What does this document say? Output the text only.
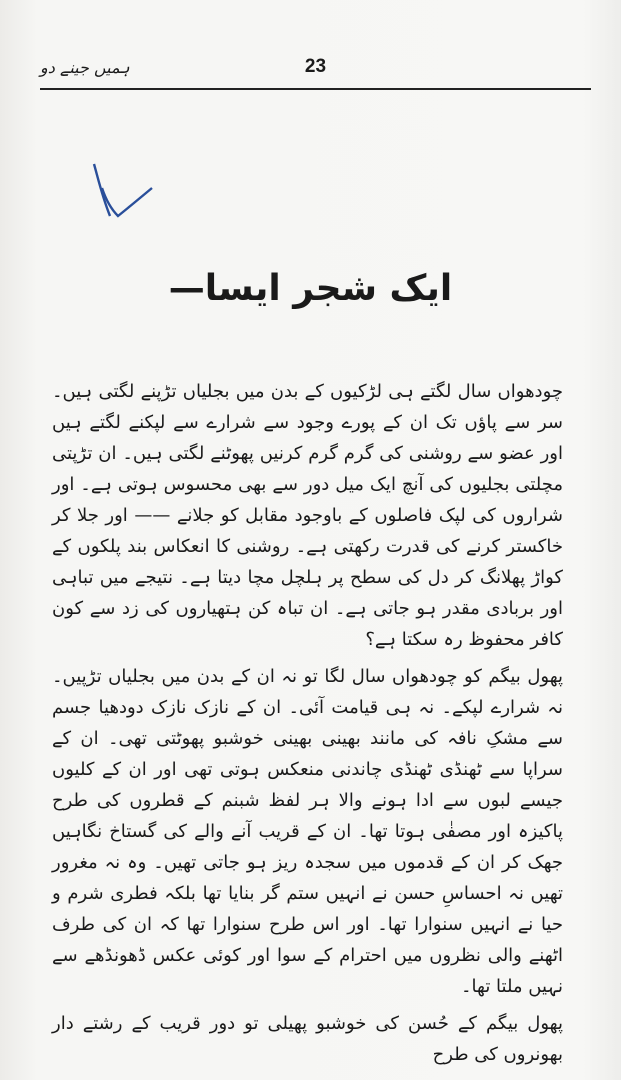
23
ہمیں جینے دو
ایک شجر ایسا—

چودھواں سال لگتے ہی لڑکیوں کے بدن میں بجلیاں تڑپنے لگتی ہیں۔ سر سے پاؤں تک ان کے پورے وجود سے شرارے سے لپکنے لگتے ہیں اور عضو سے روشنی کی گرم گرم کرنیں پھوٹنے لگتی ہیں۔ ان تڑپتی مچلتی بجلیوں کی آنچ ایک میل دور سے بھی محسوس ہوتی ہے۔ اور شراروں کی لپک فاصلوں کے باوجود مقابل کو جلانے —— اور جلا کر خاکستر کرنے کی قدرت رکھتی ہے۔ روشنی کا انعکاس بند پلکوں کے کواڑ پھلانگ کر دل کی سطح پر ہلچل مچا دیتا ہے۔ نتیجے میں تباہی اور بربادی مقدر ہو جاتی ہے۔ ان تباہ کن ہتھیاروں کی زد سے کون کافر محفوظ رہ سکتا ہے؟

پھول بیگم کو چودھواں سال لگا تو نہ ان کے بدن میں بجلیاں تڑپیں۔ نہ شرارے لپکے۔ نہ ہی قیامت آئی۔ ان کے نازک نازک دودھیا جسم سے مشکِ نافہ کی مانند بھینی بھینی خوشبو پھوٹتی تھی۔ ان کے سراپا سے ٹھنڈی ٹھنڈی چاندنی منعکس ہوتی تھی اور ان کے کلیوں جیسے لبوں سے ادا ہونے والا ہر لفظ شبنم کے قطروں کی طرح پاکیزہ اور مصفٰی ہوتا تھا۔ ان کے قریب آنے والے کی گستاخ نگاہیں جھک کر ان کے قدموں میں سجدہ ریز ہو جاتی تھیں۔ وہ نہ مغرور تھیں نہ احساسِ حسن نے انہیں ستم گر بنایا تھا بلکہ فطری شرم و حیا نے انہیں سنوارا تھا۔ اور اس طرح سنوارا تھا کہ ان کی طرف اٹھنے والی نظروں میں احترام کے سوا اور کوئی عکس ڈھونڈھے سے نہیں ملتا تھا۔

پھول بیگم کے حُسن کی خوشبو پھیلی تو دور قریب کے رشتے دار بھونروں کی طرح
